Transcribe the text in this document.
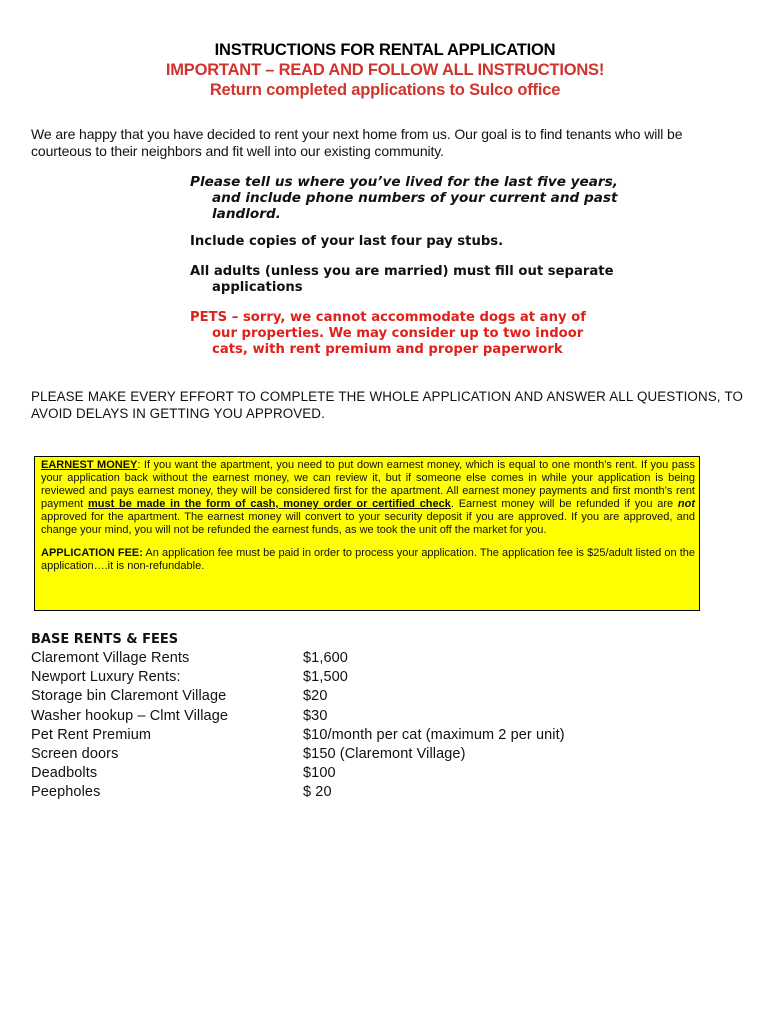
INSTRUCTIONS FOR RENTAL APPLICATION
IMPORTANT – READ AND FOLLOW ALL INSTRUCTIONS!
Return completed applications to Sulco office
We are happy that you have decided to rent your next home from us. Our goal is to find tenants who will be courteous to their neighbors and fit well into our existing community.
Please tell us where you’ve lived for the last five years,
and include phone numbers of your current and past
landlord.
Include copies of your last four pay stubs.
All adults (unless you are married) must fill out separate
applications
PETS – sorry, we cannot accommodate dogs at any of
our properties. We may consider up to two indoor
cats, with rent premium and proper paperwork
PLEASE MAKE EVERY EFFORT TO COMPLETE THE WHOLE APPLICATION AND ANSWER ALL QUESTIONS, TO AVOID DELAYS IN GETTING YOU APPROVED.

EARNEST MONEY: If you want the apartment, you need to put down earnest money, which is equal to one month’s rent. If you pass your application back without the earnest money, we can review it, but if someone else comes in while your application is being reviewed and pays earnest money, they will be considered first for the apartment. All earnest money payments and first month’s rent payment must be made in the form of cash, money order or certified check. Earnest money will be refunded if you are not approved for the apartment. The earnest money will convert to your security deposit if you are approved. If you are approved, and change your mind, you will not be refunded the earnest funds, as we took the unit off the market for you.

APPLICATION FEE: An application fee must be paid in order to process your application. The application fee is $25/adult listed on the application….it is non-refundable.

BASE RENTS & FEES
Claremont Village Rents	$1,600
Newport Luxury Rents:	$1,500
Storage bin Claremont Village	$20
Washer hookup – Clmt Village	$30
Pet Rent Premium	$10/month per cat (maximum 2 per unit)
Screen doors	$150 (Claremont Village)
Deadbolts	$100
Peepholes	$ 20
